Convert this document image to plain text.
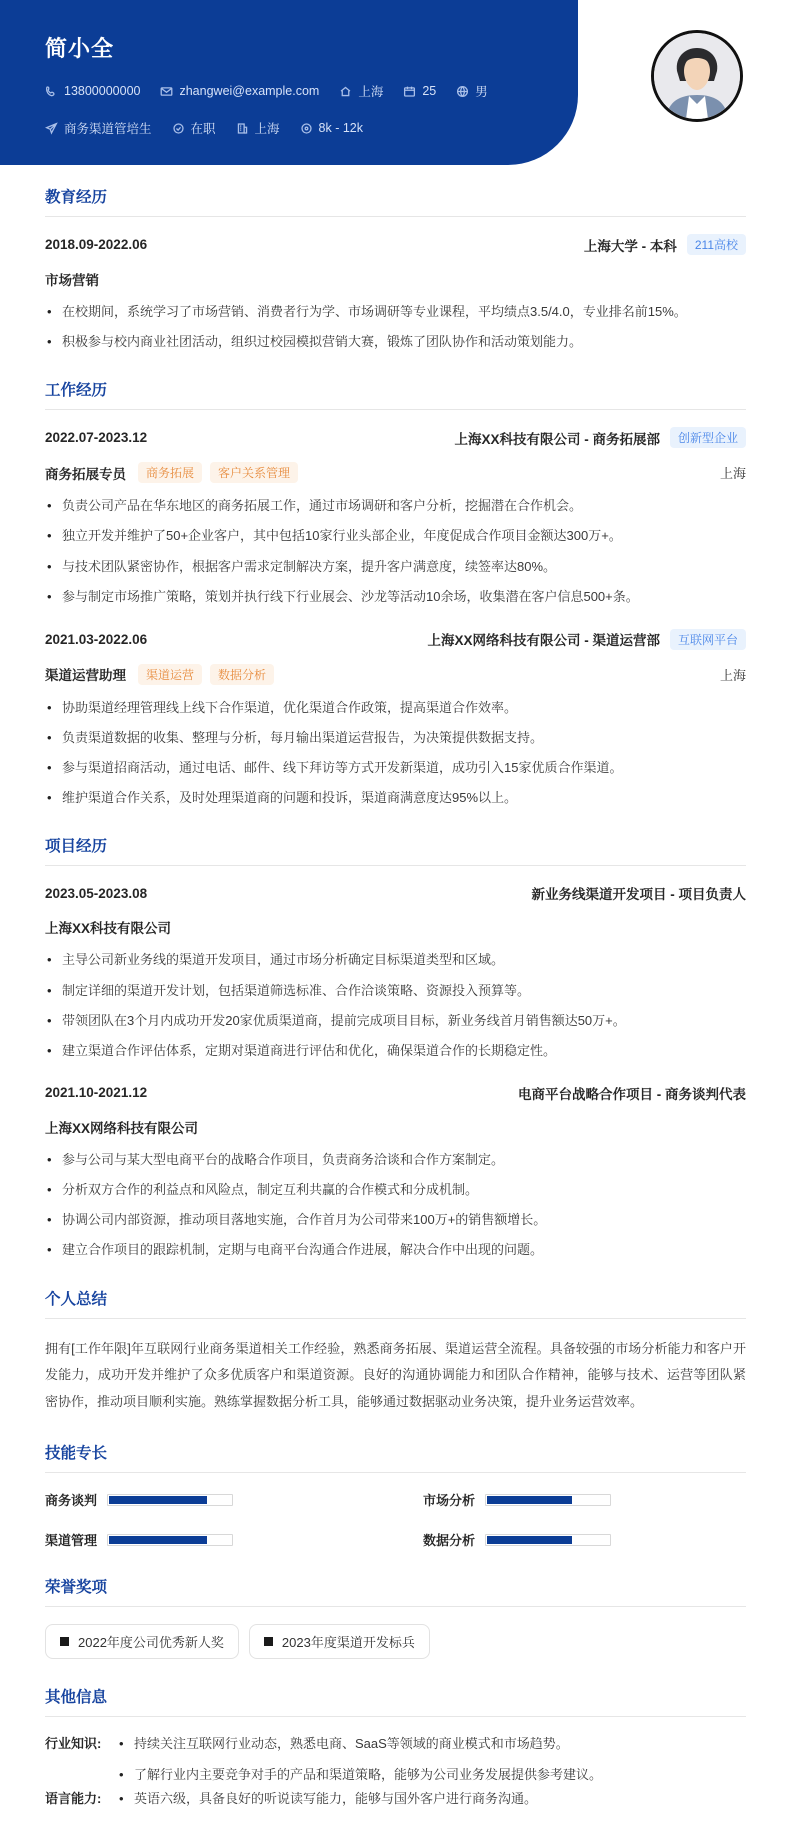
简小全
13800000000	zhangwei@example.com	上海	25	男
商务渠道管培生	在职	上海	8k - 12k
教育经历
2018.09-2022.06	上海大学 - 本科	211高校
市场营销
• 在校期间，系统学习了市场营销、消费者行为学、市场调研等专业课程，平均绩点3.5/4.0，专业排名前15%。
• 积极参与校内商业社团活动，组织过校园模拟营销大赛，锻炼了团队协作和活动策划能力。
工作经历
2022.07-2023.12	上海XX科技有限公司 - 商务拓展部	创新型企业
商务拓展专员	商务拓展	客户关系管理	上海
• 负责公司产品在华东地区的商务拓展工作，通过市场调研和客户分析，挖掘潜在合作机会。
• 独立开发并维护了50+企业客户，其中包括10家行业头部企业，年度促成合作项目金额达300万+。
• 与技术团队紧密协作，根据客户需求定制解决方案，提升客户满意度，续签率达80%。
• 参与制定市场推广策略，策划并执行线下行业展会、沙龙等活动10余场，收集潜在客户信息500+条。
2021.03-2022.06	上海XX网络科技有限公司 - 渠道运营部	互联网平台
渠道运营助理	渠道运营	数据分析	上海
• 协助渠道经理管理线上线下合作渠道，优化渠道合作政策，提高渠道合作效率。
• 负责渠道数据的收集、整理与分析，每月输出渠道运营报告，为决策提供数据支持。
• 参与渠道招商活动，通过电话、邮件、线下拜访等方式开发新渠道，成功引入15家优质合作渠道。
• 维护渠道合作关系，及时处理渠道商的问题和投诉，渠道商满意度达95%以上。
项目经历
2023.05-2023.08	新业务线渠道开发项目 - 项目负责人
上海XX科技有限公司
• 主导公司新业务线的渠道开发项目，通过市场分析确定目标渠道类型和区域。
• 制定详细的渠道开发计划，包括渠道筛选标准、合作洽谈策略、资源投入预算等。
• 带领团队在3个月内成功开发20家优质渠道商，提前完成项目目标，新业务线首月销售额达50万+。
• 建立渠道合作评估体系，定期对渠道商进行评估和优化，确保渠道合作的长期稳定性。
2021.10-2021.12	电商平台战略合作项目 - 商务谈判代表
上海XX网络科技有限公司
• 参与公司与某大型电商平台的战略合作项目，负责商务洽谈和合作方案制定。
• 分析双方合作的利益点和风险点，制定互利共赢的合作模式和分成机制。
• 协调公司内部资源，推动项目落地实施，合作首月为公司带来100万+的销售额增长。
• 建立合作项目的跟踪机制，定期与电商平台沟通合作进展，解决合作中出现的问题。
个人总结

拥有[工作年限]年互联网行业商务渠道相关工作经验，熟悉商务拓展、渠道运营全流程。具备较强的市场分析能力和客户开发能力，成功开发并维护了众多优质客户和渠道资源。良好的沟通协调能力和团队合作精神，能够与技术、运营等团队紧密协作，推动项目顺利实施。熟练掌握数据分析工具，能够通过数据驱动业务决策，提升业务运营效率。

技能专长
商务谈判	市场分析
渠道管理	数据分析
荣誉奖项
2022年度公司优秀新人奖	2023年度渠道开发标兵
其他信息
行业知识:	• 持续关注互联网行业动态，熟悉电商、SaaS等领域的商业模式和市场趋势。
• 了解行业内主要竞争对手的产品和渠道策略，能够为公司业务发展提供参考建议。
语言能力:	• 英语六级，具备良好的听说读写能力，能够与国外客户进行商务沟通。
